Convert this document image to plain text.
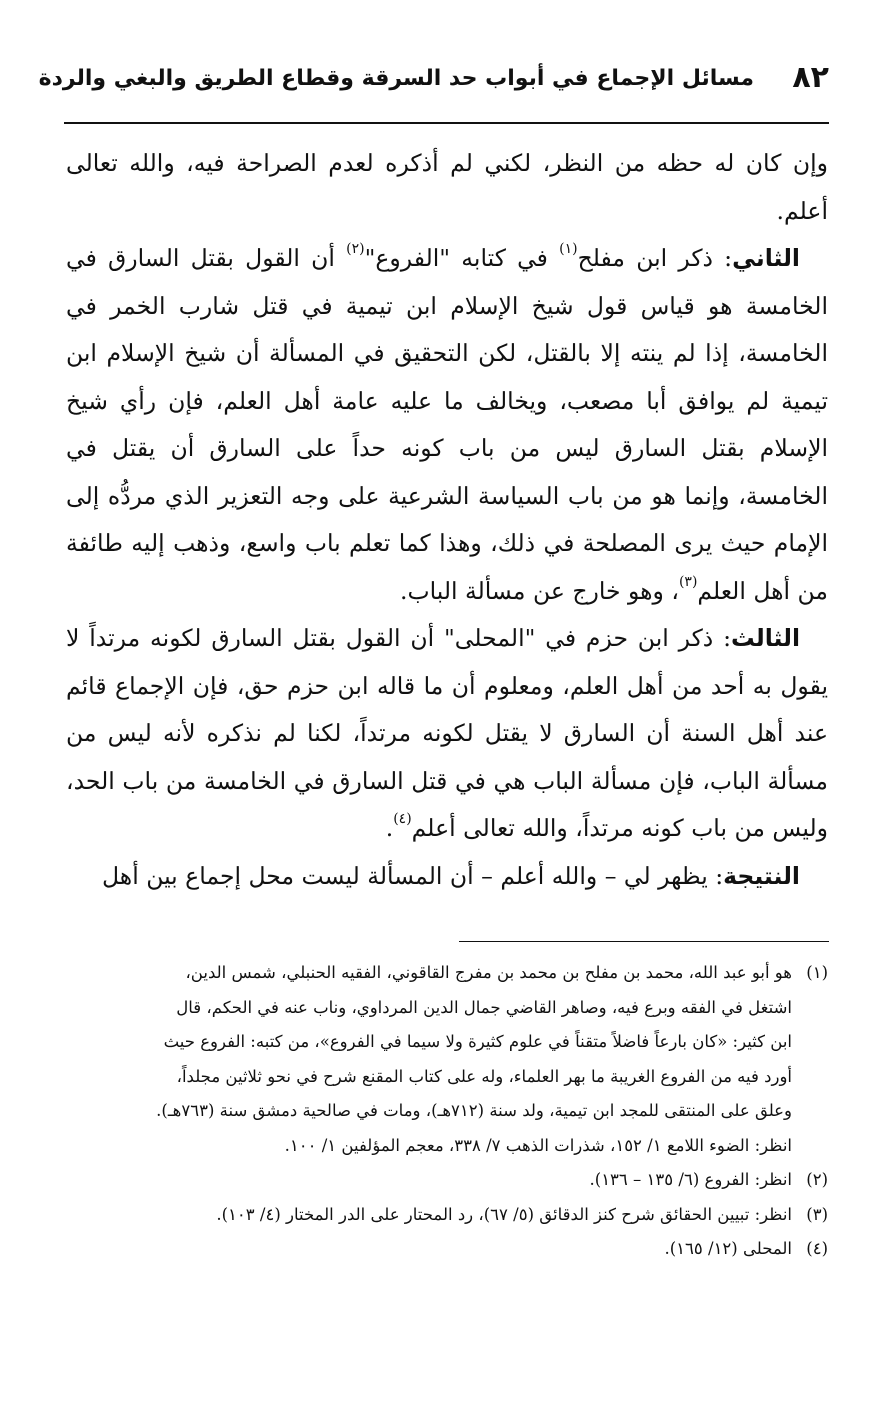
٨٢
مسائل الإجماع في أبواب حد السرقة وقطاع الطريق والبغي والردة

وإن كان له حظه من النظر، لكني لم أذكره لعدم الصراحة فيه، والله تعالى أعلم.

الثاني: ذكر ابن مفلح$^{(١)}$ في كتابه "الفروع"$^{(٢)}$ أن القول بقتل السارق في الخامسة هو قياس قول شيخ الإسلام ابن تيمية في قتل شارب الخمر في الخامسة، إذا لم ينته إلا بالقتل، لكن التحقيق في المسألة أن شيخ الإسلام ابن تيمية لم يوافق أبا مصعب، ويخالف ما عليه عامة أهل العلم، فإن رأي شيخ الإسلام بقتل السارق ليس من باب كونه حداً على السارق أن يقتل في الخامسة، وإنما هو من باب السياسة الشرعية على وجه التعزير الذي مردُّه إلى الإمام حيث يرى المصلحة في ذلك، وهذا كما تعلم باب واسع، وذهب إليه طائفة من أهل العلم$^{(٣)}$، وهو خارج عن مسألة الباب.

الثالث: ذكر ابن حزم في "المحلى" أن القول بقتل السارق لكونه مرتداً لا يقول به أحد من أهل العلم، ومعلوم أن ما قاله ابن حزم حق، فإن الإجماع قائم عند أهل السنة أن السارق لا يقتل لكونه مرتداً، لكنا لم نذكره لأنه ليس من مسألة الباب، فإن مسألة الباب هي في قتل السارق في الخامسة من باب الحد، وليس من باب كونه مرتداً، والله تعالى أعلم$^{(٤)}$.

النتيجة: يظهر لي – والله أعلم – أن المسألة ليست محل إجماع بين أهل

(١)
هو أبو عبد الله، محمد بن مفلح بن محمد بن مفرج القاقوني، الفقيه الحنبلي، شمس الدين،
اشتغل في الفقه وبرع فيه، وصاهر القاضي جمال الدين المرداوي، وناب عنه في الحكم، قال
ابن كثير: «كان بارعاً فاضلاً متقناً في علوم كثيرة ولا سيما في الفروع»، من كتبه: الفروع حيث
أورد فيه من الفروع الغريبة ما بهر العلماء، وله على كتاب المقنع شرح في نحو ثلاثين مجلداً،
وعلق على المنتقى للمجد ابن تيمية، ولد سنة (٧١٢هـ)، ومات في صالحية دمشق سنة (٧٦٣هـ).
انظر: الضوء اللامع ١/ ١٥٢، شذرات الذهب ٧/ ٣٣٨، معجم المؤلفين ١/ ١٠٠.
(٢)
انظر: الفروع (٦/ ١٣٥ – ١٣٦).
(٣)
انظر: تبيين الحقائق شرح كنز الدقائق (٥/ ٦٧)، رد المحتار على الدر المختار (٤/ ١٠٣).
(٤)
المحلى (١٢/ ١٦٥).
